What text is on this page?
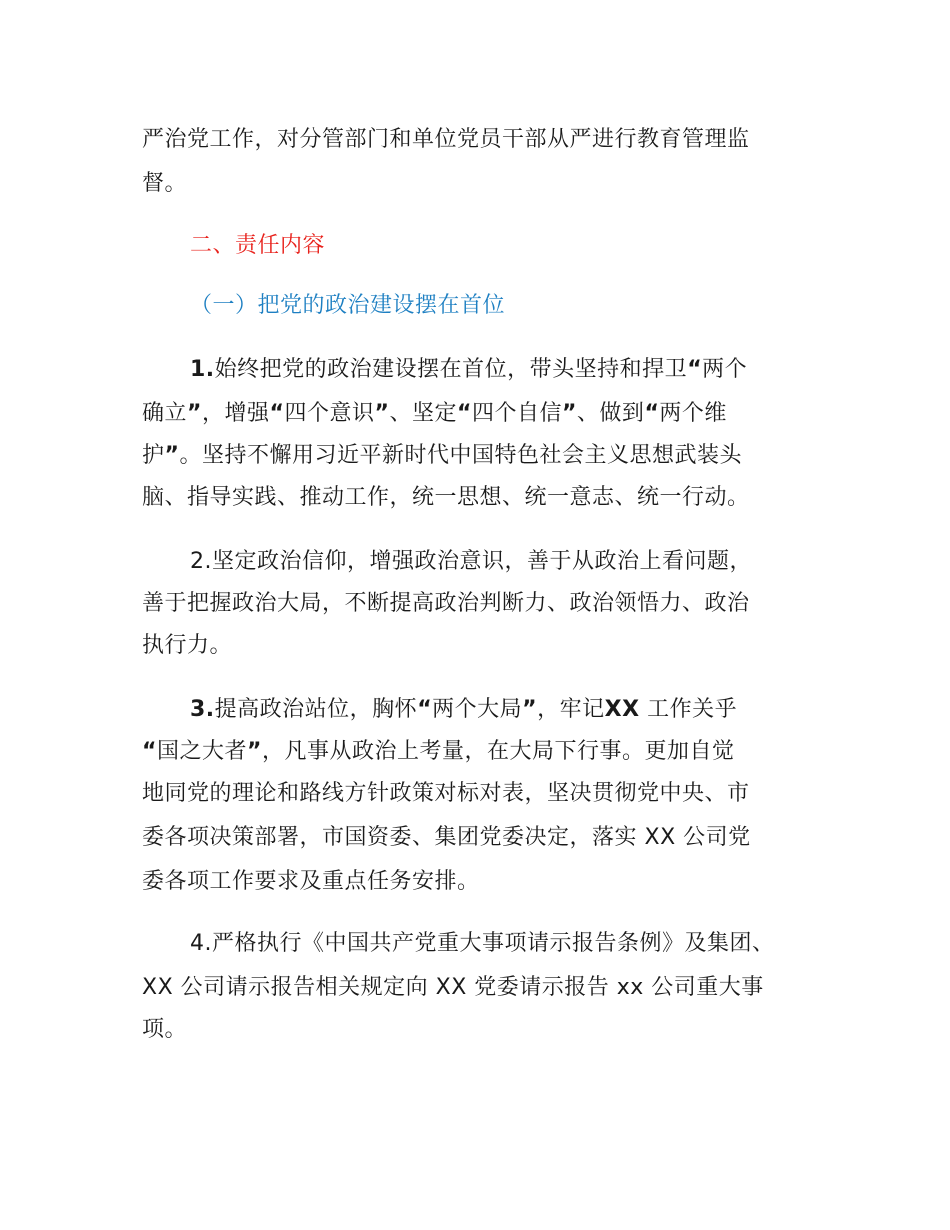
严治党工作，对分管部门和单位党员干部从严进行教育管理监
督。
二、责任内容
（一）把党的政治建设摆在首位
1.始终把党的政治建设摆在首位，带头坚持和捍卫“两个
确立”，增强“四个意识”、坚定“四个自信”、做到“两个维
护”。坚持不懈用习近平新时代中国特色社会主义思想武装头
脑、指导实践、推动工作，统一思想、统一意志、统一行动。
2.坚定政治信仰，增强政治意识，善于从政治上看问题，
善于把握政治大局，不断提高政治判断力、政治领悟力、政治
执行力。
3.提高政治站位，胸怀“两个大局”，牢记XX 工作关乎
“国之大者”，凡事从政治上考量，在大局下行事。更加自觉
地同党的理论和路线方针政策对标对表，坚决贯彻党中央、市
委各项决策部署，市国资委、集团党委决定，落实 XX 公司党
委各项工作要求及重点任务安排。
4.严格执行《中国共产党重大事项请示报告条例》及集团、
XX 公司请示报告相关规定向 XX 党委请示报告 xx 公司重大事
项。
